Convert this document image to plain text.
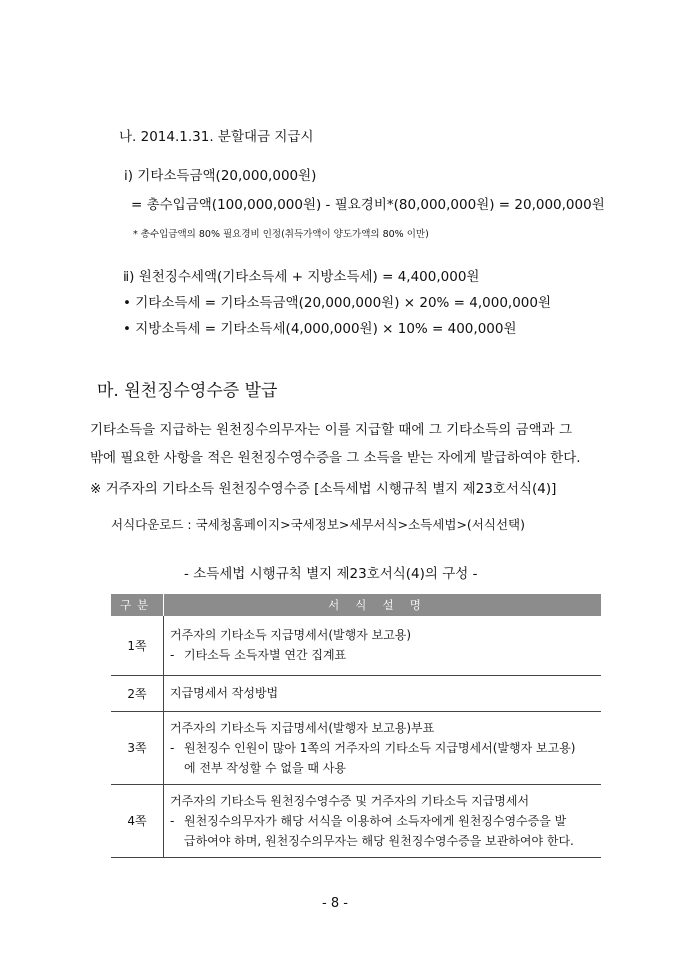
나. 2014.1.31. 분할대금 지급시
ⅰ) 기타소득금액(20,000,000원)
= 총수입금액(100,000,000원) - 필요경비*(80,000,000원) = 20,000,000원
* 총수입금액의 80% 필요경비 인정(취득가액이 양도가액의 80% 이만)
ⅱ) 원천징수세액(기타소득세 + 지방소득세) = 4,400,000원
• 기타소득세 = 기타소득금액(20,000,000원) × 20% = 4,000,000원
• 지방소득세 = 기타소득세(4,000,000원) × 10% = 400,000원
마. 원천징수영수증 발급
기타소득을 지급하는 원천징수의무자는 이를 지급할 때에 그 기타소득의 금액과 그
밖에 필요한 사항을 적은 원천징수영수증을 그 소득을 받는 자에게 발급하여야 한다.
※ 거주자의 기타소득 원천징수영수증 [소득세법 시행규칙 별지 제23호서식(4)]
서식다운로드 : 국세청홈페이지>국세정보>세무서식>소득세법>(서식선택)
- 소득세법 시행규칙 별지 제23호서식(4)의 구성 -
구분	서식설명
1쪽	거주자의 기타소득 지급명세서(발행자 보고용)
- 기타소득 소득자별 연간 집계표

2쪽	지급명세서 작성방법

3쪽	거주자의 기타소득 지급명세서(발행자 보고용)부표
- 원천징수 인원이 많아 1쪽의 거주자의 기타소득 지급명세서(발행자 보고용)
에 전부 작성할 수 없을 때 사용

4쪽	거주자의 기타소득 원천징수영수증 및 거주자의 기타소득 지급명세서
- 원천징수의무자가 해당 서식을 이용하여 소득자에게 원천징수영수증을 발
급하여야 하며, 원천징수의무자는 해당 원천징수영수증을 보관하여야 한다.
- 8 -
